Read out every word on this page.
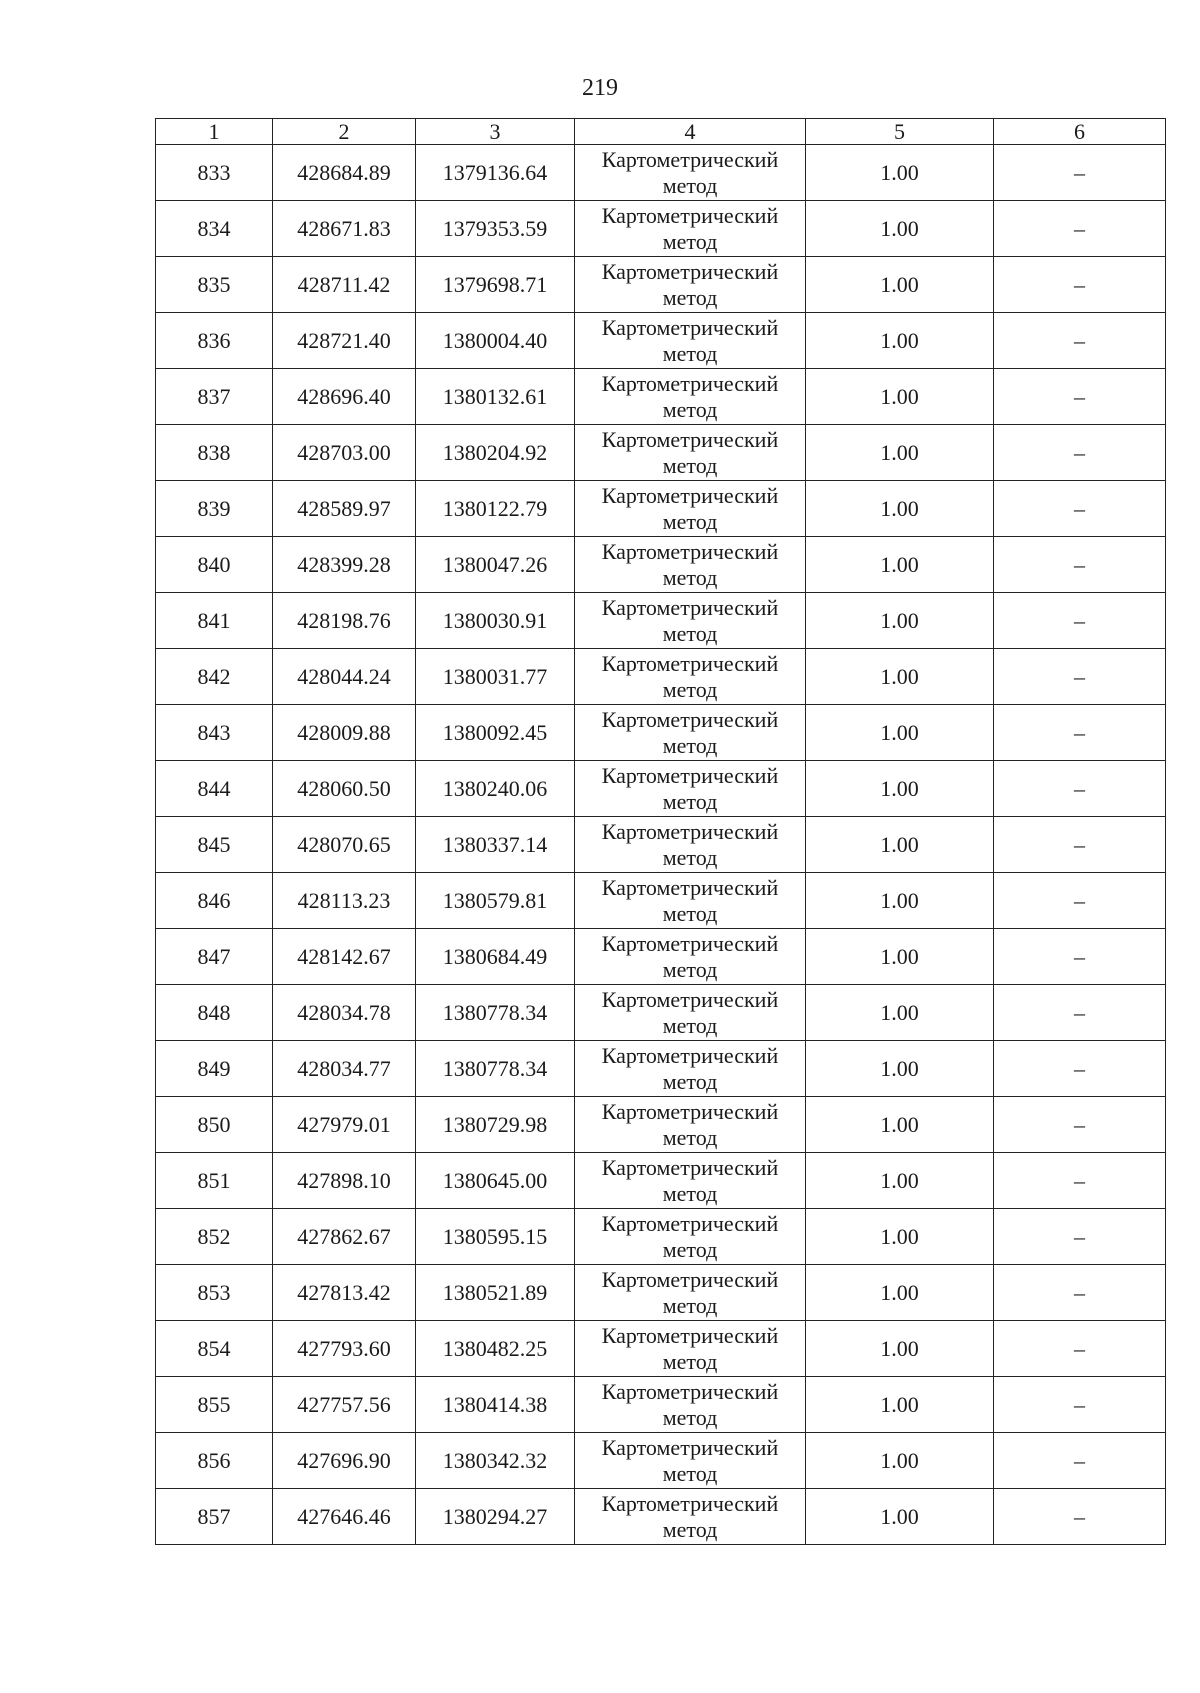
219
1	2	3	4	5	6
833	428684.89	1379136.64	Картометрический метод	1.00	–
834	428671.83	1379353.59	Картометрический метод	1.00	–
835	428711.42	1379698.71	Картометрический метод	1.00	–
836	428721.40	1380004.40	Картометрический метод	1.00	–
837	428696.40	1380132.61	Картометрический метод	1.00	–
838	428703.00	1380204.92	Картометрический метод	1.00	–
839	428589.97	1380122.79	Картометрический метод	1.00	–
840	428399.28	1380047.26	Картометрический метод	1.00	–
841	428198.76	1380030.91	Картометрический метод	1.00	–
842	428044.24	1380031.77	Картометрический метод	1.00	–
843	428009.88	1380092.45	Картометрический метод	1.00	–
844	428060.50	1380240.06	Картометрический метод	1.00	–
845	428070.65	1380337.14	Картометрический метод	1.00	–
846	428113.23	1380579.81	Картометрический метод	1.00	–
847	428142.67	1380684.49	Картометрический метод	1.00	–
848	428034.78	1380778.34	Картометрический метод	1.00	–
849	428034.77	1380778.34	Картометрический метод	1.00	–
850	427979.01	1380729.98	Картометрический метод	1.00	–
851	427898.10	1380645.00	Картометрический метод	1.00	–
852	427862.67	1380595.15	Картометрический метод	1.00	–
853	427813.42	1380521.89	Картометрический метод	1.00	–
854	427793.60	1380482.25	Картометрический метод	1.00	–
855	427757.56	1380414.38	Картометрический метод	1.00	–
856	427696.90	1380342.32	Картометрический метод	1.00	–
857	427646.46	1380294.27	Картометрический метод	1.00	–
